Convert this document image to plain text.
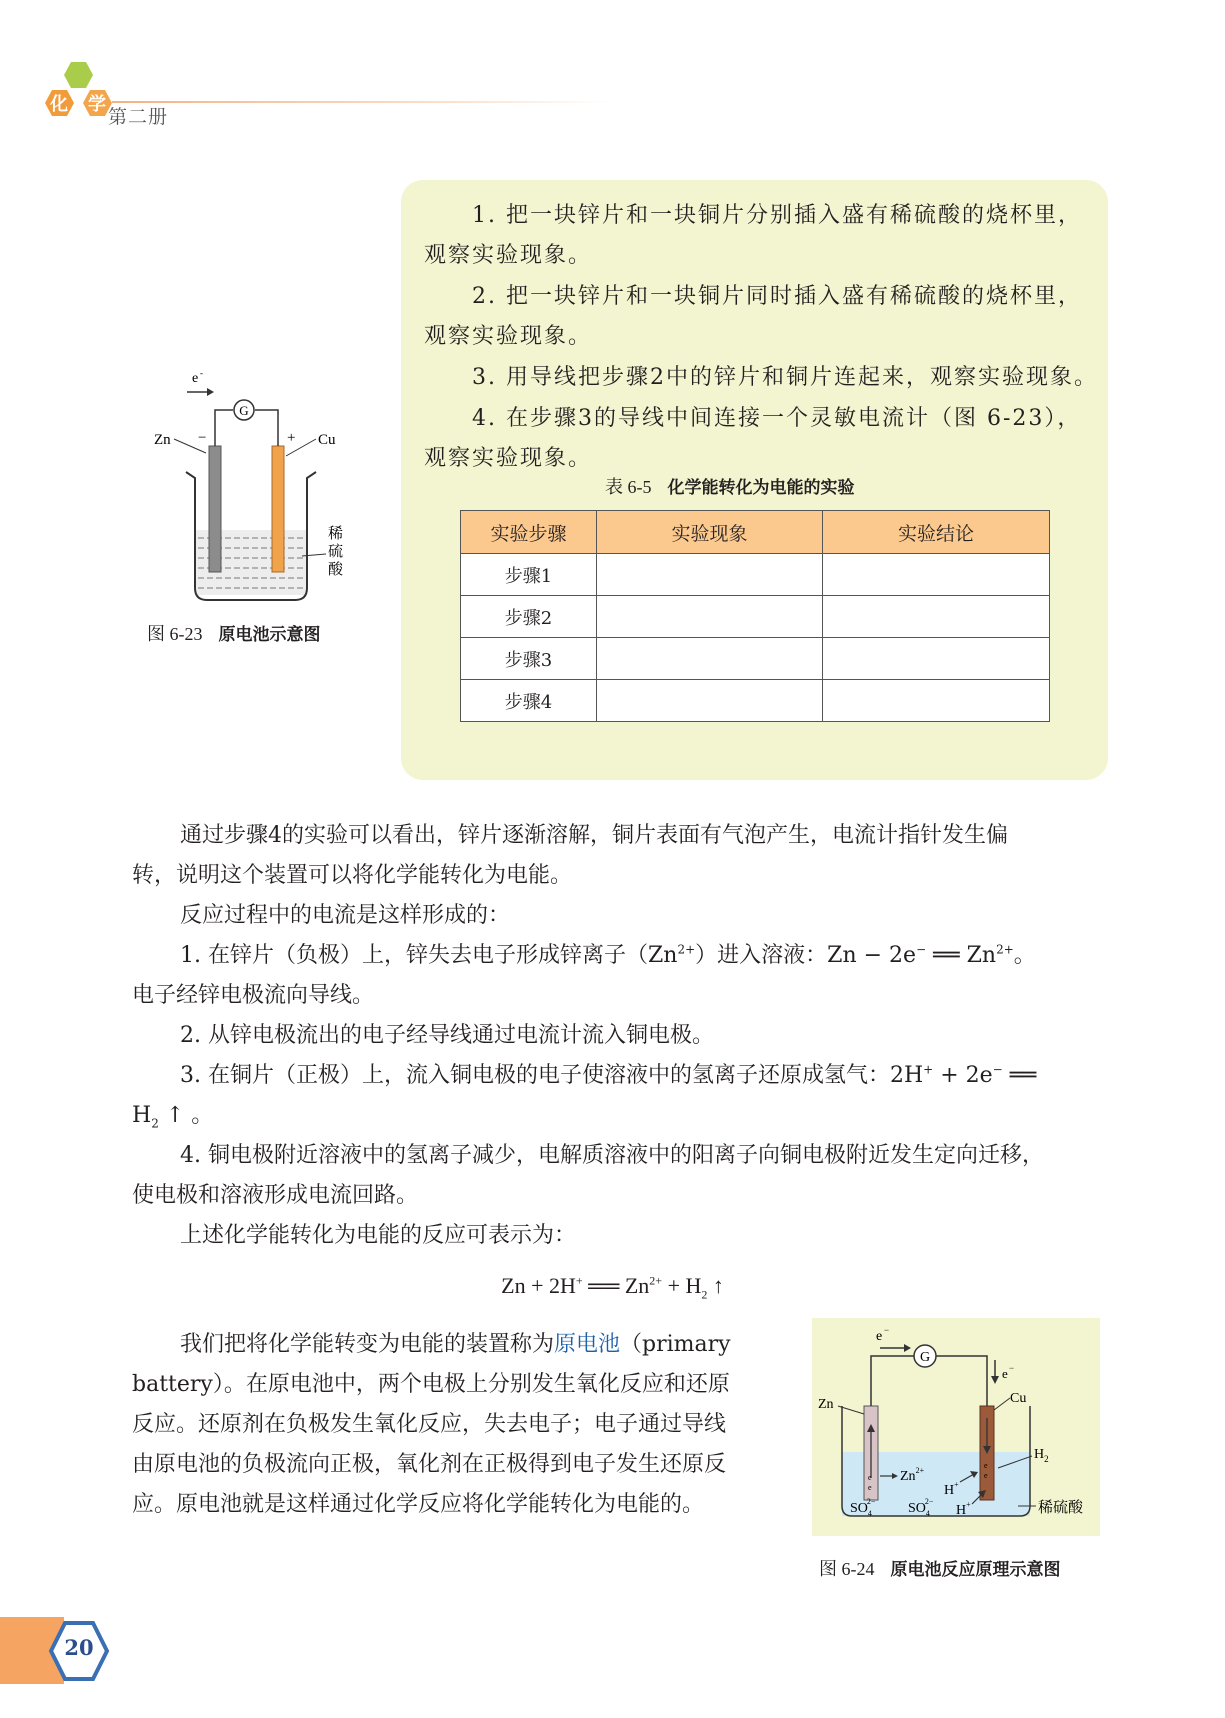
化 学
第二册
1. 把一块锌片和一块铜片分别插入盛有稀硫酸的烧杯里，
观察实验现象。
2. 把一块锌片和一块铜片同时插入盛有稀硫酸的烧杯里，
观察实验现象。
3. 用导线把步骤2中的锌片和铜片连起来，观察实验现象。
4. 在步骤3的导线中间连接一个灵敏电流计（图 6-23），
观察实验现象。
表 6-5 化学能转化为电能的实验
实验步骤	实验现象	实验结论
步骤1		
步骤2		
步骤3		
步骤4		
G
e -
Zn −	+ Cu
稀
硫
酸
图 6-23 原电池示意图
通过步骤4的实验可以看出，锌片逐渐溶解，铜片表面有气泡产生，电流计指针发生偏
转，说明这个装置可以将化学能转化为电能。
反应过程中的电流是这样形成的：
1. 在锌片（负极）上，锌失去电子形成锌离子$(Zn^{2+})$进入溶液：Zn − 2e− ══ $Zn^{2+}$。
电子经锌电极流向导线。
2. 从锌电极流出的电子经导线通过电流计流入铜电极。
3. 在铜片（正极）上，流入铜电极的电子使溶液中的氢离子还原成氢气：2H+ + 2e− ══
$H_2$ ↑ 。
4. 铜电极附近溶液中的氢离子减少，电解质溶液中的阳离子向铜电极附近发生定向迁移，
使电极和溶液形成电流回路。
上述化学能转化为电能的反应可表示为：
Zn + 2H+ ══ $Zn^{2+} + H_2$ ↑
我们把将化学能转变为电能的装置称为原电池（primary
battery）。在原电池中，两个电极上分别发生氧化反应和还原
反应。还原剂在负极发生氧化反应，失去电子；电子通过导线
由原电池的负极流向正极，氧化剂在正极得到电子发生还原反
应。原电池就是这样通过化学反应将化学能转化为电能的。
G
e −
e −
e
e
e
e
Zn	Cu
$H_2$
$Zn^{2+}$
H+
H+
$SO_42- SO_42-$	稀硫酸
图 6-24 原电池反应原理示意图
20
